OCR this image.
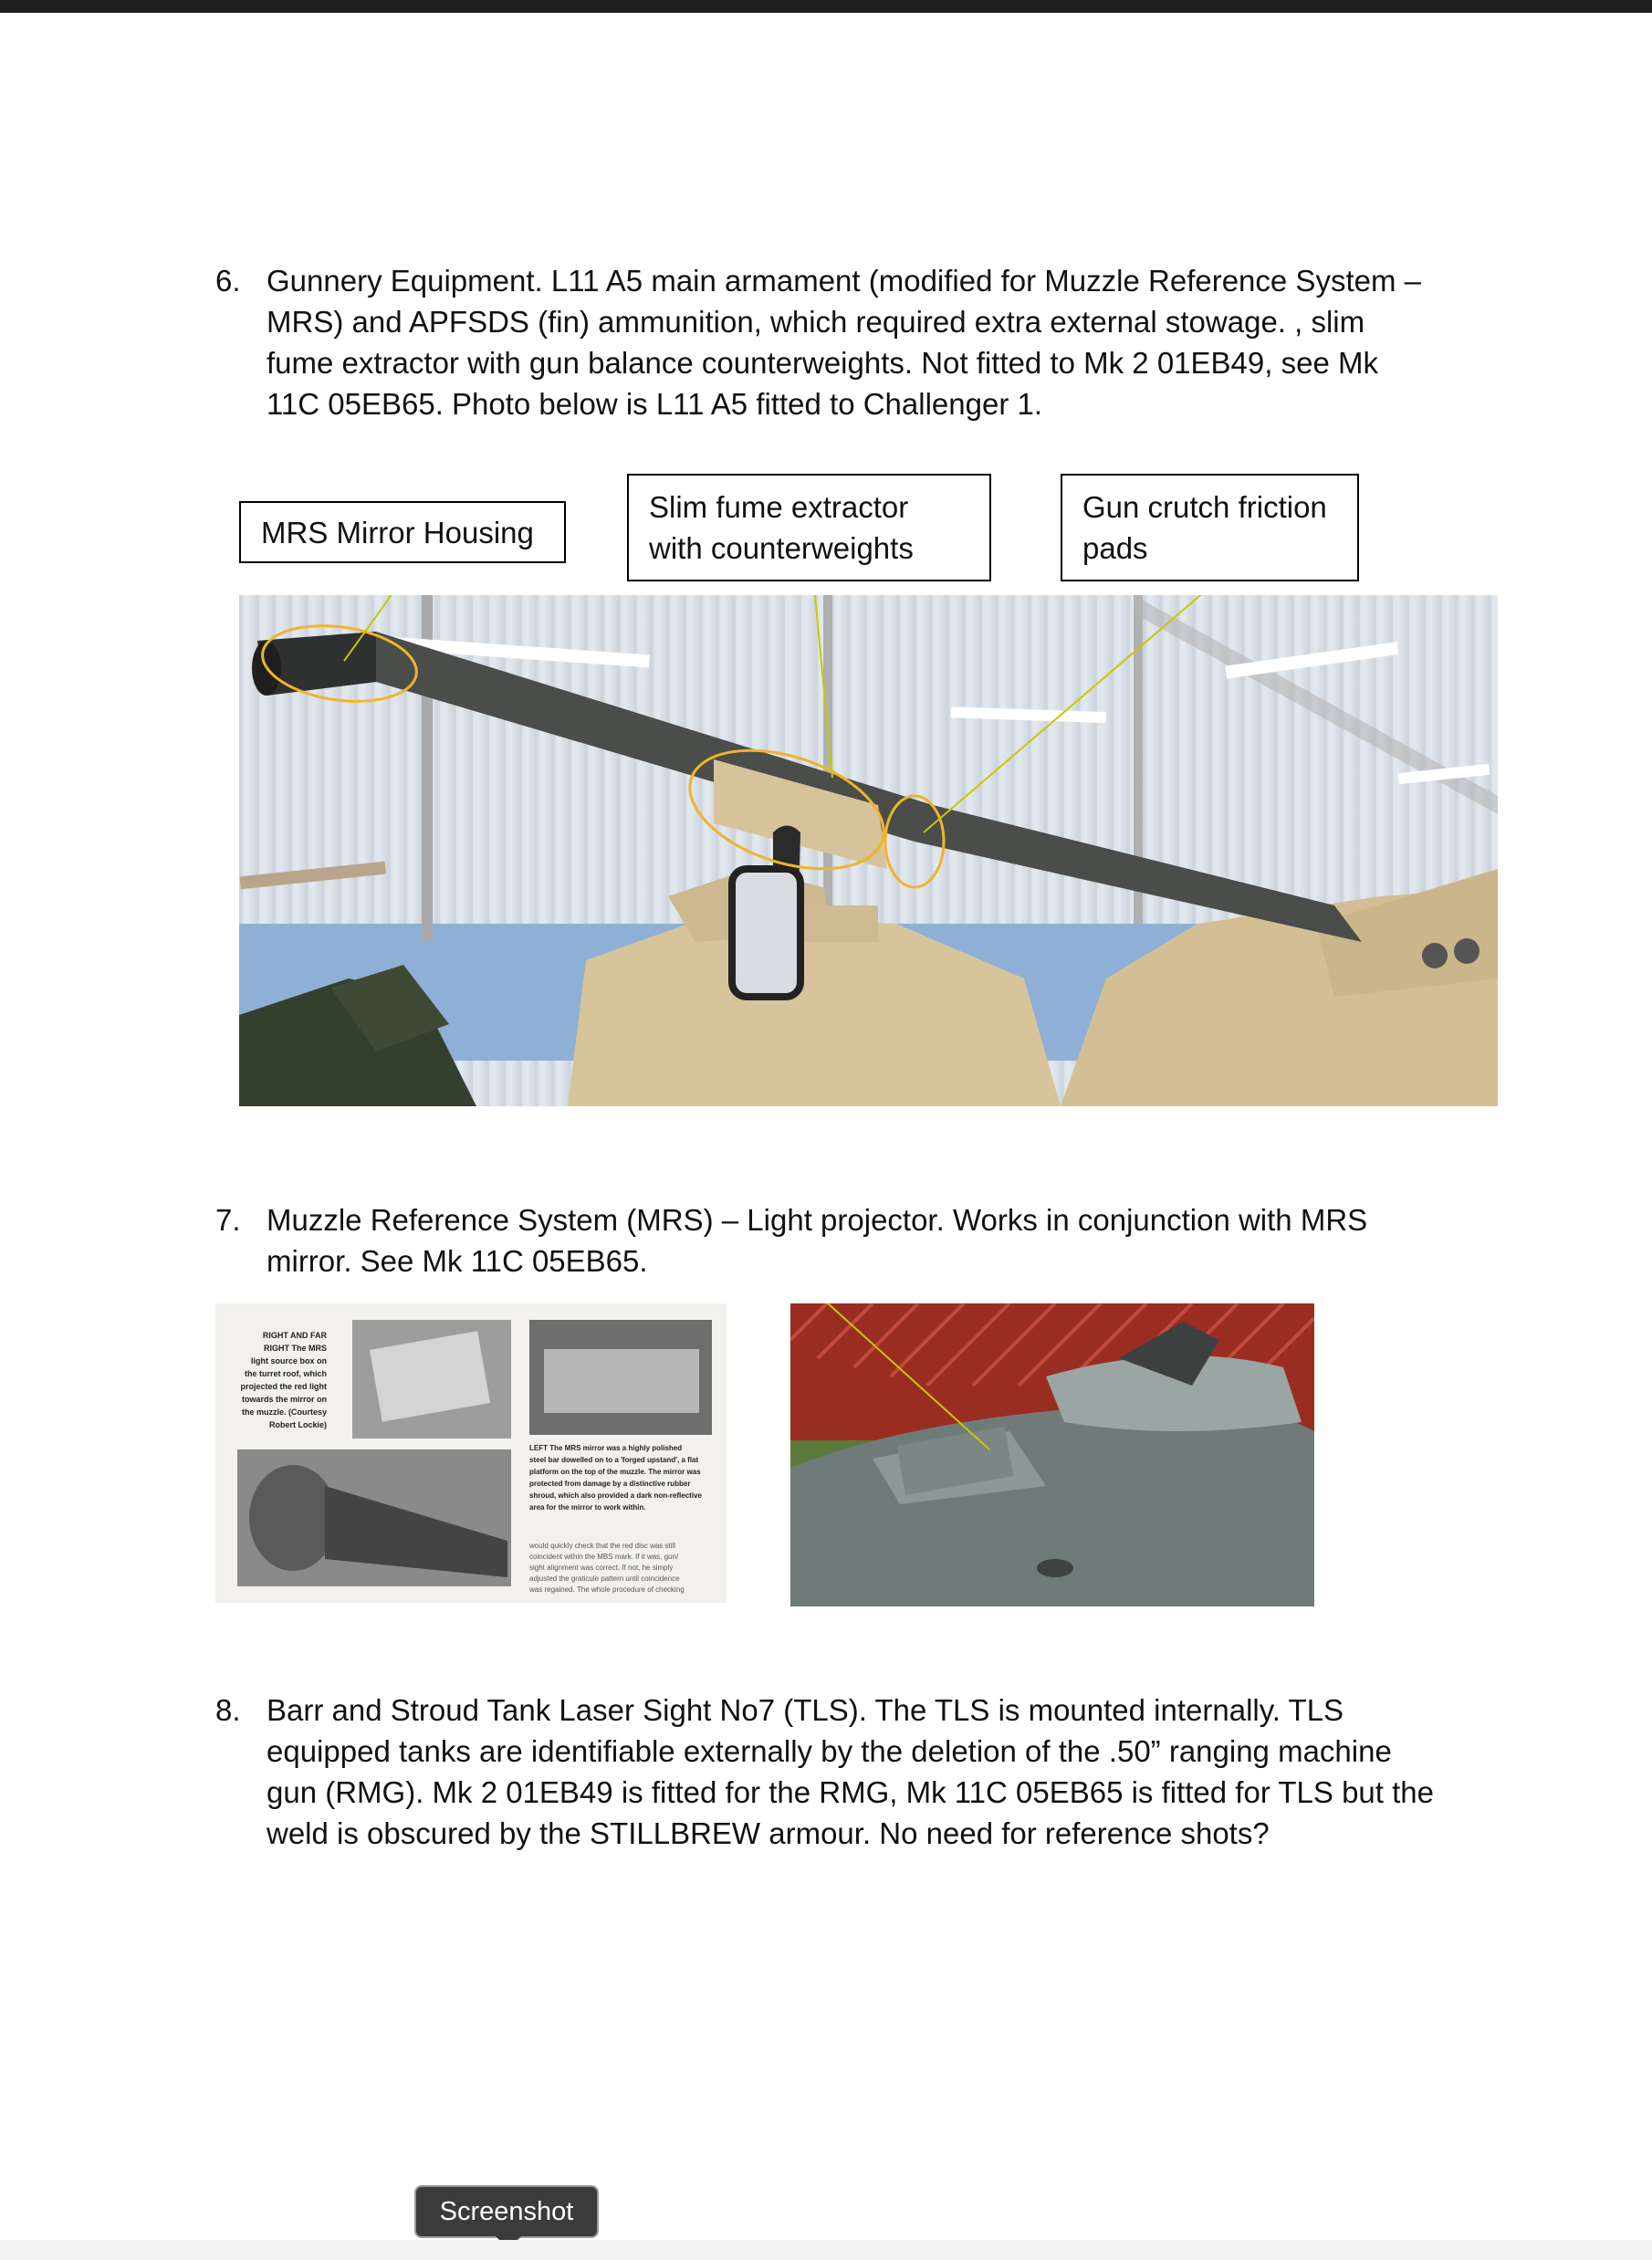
6. Gunnery Equipment. L11 A5 main armament (modified for Muzzle Reference System –
MRS) and APFSDS (fin) ammunition, which required extra external stowage. , slim
fume extractor with gun balance counterweights. Not fitted to Mk 2 01EB49, see Mk
11C 05EB65. Photo below is L11 A5 fitted to Challenger 1.
MRS Mirror Housing
Slim fume extractor
with counterweights
Gun crutch friction
pads
7. Muzzle Reference System (MRS) – Light projector. Works in conjunction with MRS
mirror. See Mk 11C 05EB65.
RIGHT AND FAR
RIGHT The MRS
light source box on
the turret roof, which
projected the red light
towards the mirror on
the muzzle. (Courtesy
Robert Lockie)
LEFT The MRS mirror was a highly polished
steel bar dowelled on to a 'forged upstand', a flat
platform on the top of the muzzle. The mirror was
protected from damage by a distinctive rubber
shroud, which also provided a dark non-reflective
area for the mirror to work within.
would quickly check that the red disc was still
coincident within the MBS mark. If it was, gun/
sight alignment was correct. If not, he simply
adjusted the graticule pattern until coincidence
was regained. The whole procedure of checking
8. Barr and Stroud Tank Laser Sight No7 (TLS). The TLS is mounted internally. TLS
equipped tanks are identifiable externally by the deletion of the .50” ranging machine
gun (RMG). Mk 2 01EB49 is fitted for the RMG, Mk 11C 05EB65 is fitted for TLS but the
weld is obscured by the STILLBREW armour. No need for reference shots?
Screenshot
